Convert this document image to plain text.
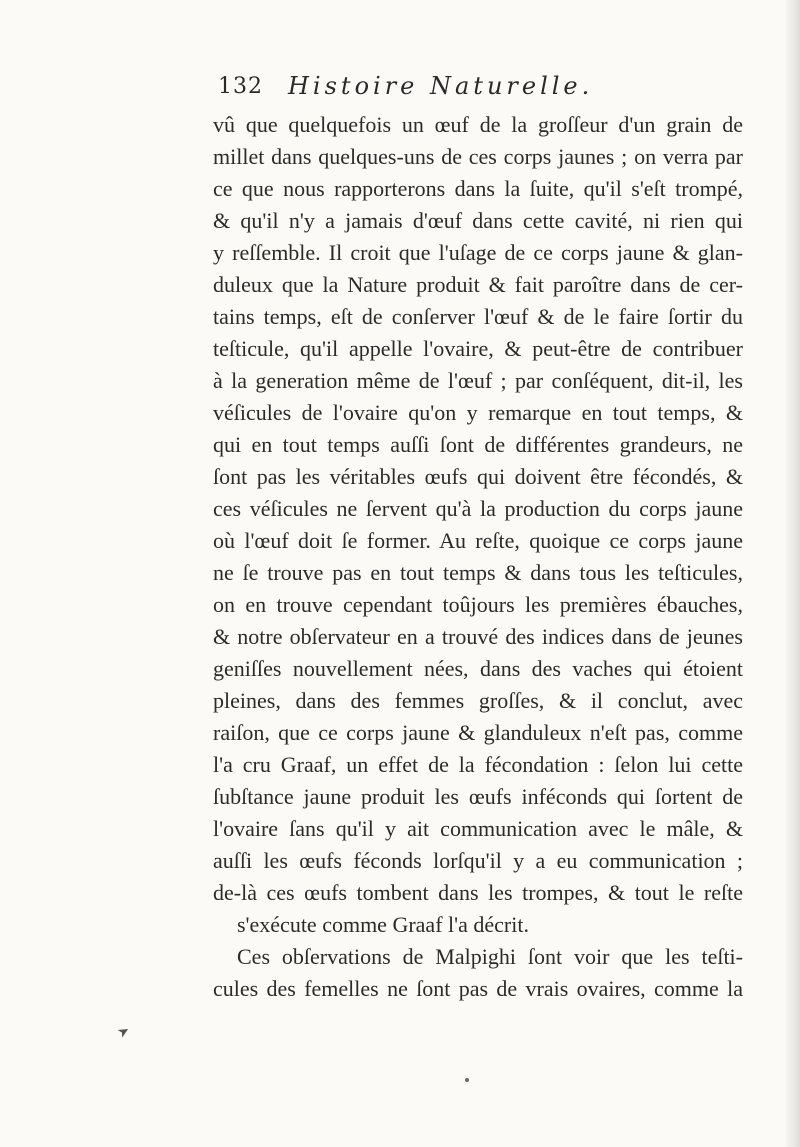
132 Histoire Naturelle.
vû que quelquefois un œuf de la groſſeur d'un grain de
millet dans quelques-uns de ces corps jaunes ; on verra par
ce que nous rapporterons dans la ſuite, qu'il s'eſt trompé,
& qu'il n'y a jamais d'œuf dans cette cavité, ni rien qui
y reſſemble. Il croit que l'uſage de ce corps jaune & glan-
duleux que la Nature produit & fait paroître dans de cer-
tains temps, eſt de conſerver l'œuf & de le faire ſortir du
teſticule, qu'il appelle l'ovaire, & peut-être de contribuer
à la generation même de l'œuf ; par conſéquent, dit-il, les
véſicules de l'ovaire qu'on y remarque en tout temps, &
qui en tout temps auſſi ſont de différentes grandeurs, ne
ſont pas les véritables œufs qui doivent être fécondés, &
ces véſicules ne ſervent qu'à la production du corps jaune
où l'œuf doit ſe former. Au reſte, quoique ce corps jaune
ne ſe trouve pas en tout temps & dans tous les teſticules,
on en trouve cependant toûjours les premières ébauches,
& notre obſervateur en a trouvé des indices dans de jeunes
geniſſes nouvellement nées, dans des vaches qui étoient
pleines, dans des femmes groſſes, & il conclut, avec
raiſon, que ce corps jaune & glanduleux n'eſt pas, comme
l'a cru Graaf, un effet de la fécondation : ſelon lui cette
ſubſtance jaune produit les œufs inféconds qui ſortent de
l'ovaire ſans qu'il y ait communication avec le mâle, &
auſſi les œufs féconds lorſqu'il y a eu communication ;
de-là ces œufs tombent dans les trompes, & tout le reſte
s'exécute comme Graaf l'a décrit.
Ces obſervations de Malpighi ſont voir que les teſti-
cules des femelles ne ſont pas de vrais ovaires, comme la
➤
